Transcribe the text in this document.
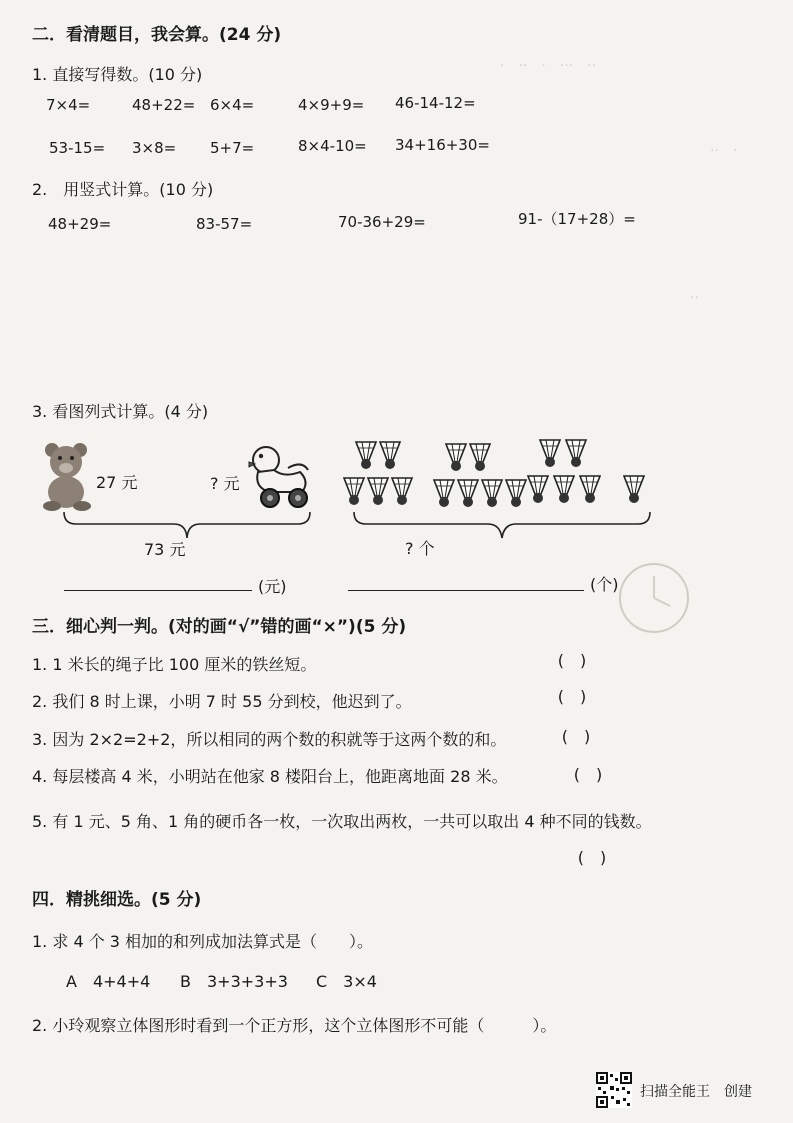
·　··　·　···　··
··　·
··
二．看清题目，我会算。(24 分)
1. 直接写得数。(10 分)
7×4=	48+22= 6×4=	4×9+9= 46-14-12=
53-15= 3×8= 5+7=	8×4-10= 34+16+30=
2.　用竖式计算。(10 分)
48+29=	83-57=	70-36+29=	91-（17+28）=
3. 看图列式计算。(4 分)
27 元	? 元
73 元	? 个
(元)	(个)
三．细心判一判。(对的画“√”错的画“×”)(5 分)
1. 1 米长的绳子比 100 厘米的铁丝短。	(　)
2. 我们 8 时上课，小明 7 时 55 分到校，他迟到了。	(　)
3. 因为 2×2=2+2，所以相同的两个数的积就等于这两个数的和。	(　)
4. 每层楼高 4 米，小明站在他家 8 楼阳台上，他距离地面 28 米。	(　)
5. 有 1 元、5 角、1 角的硬币各一枚，一次取出两枚，一共可以取出 4 种不同的钱数。
(　)
四．精挑细选。(5 分)
1. 求 4 个 3 相加的和列成加法算式是（　　）。
A　4+4+4 B　3+3+3+3 C　3×4
2. 小玲观察立体图形时看到一个正方形，这个立体图形不可能（　　　）。
扫描全能王　创建
